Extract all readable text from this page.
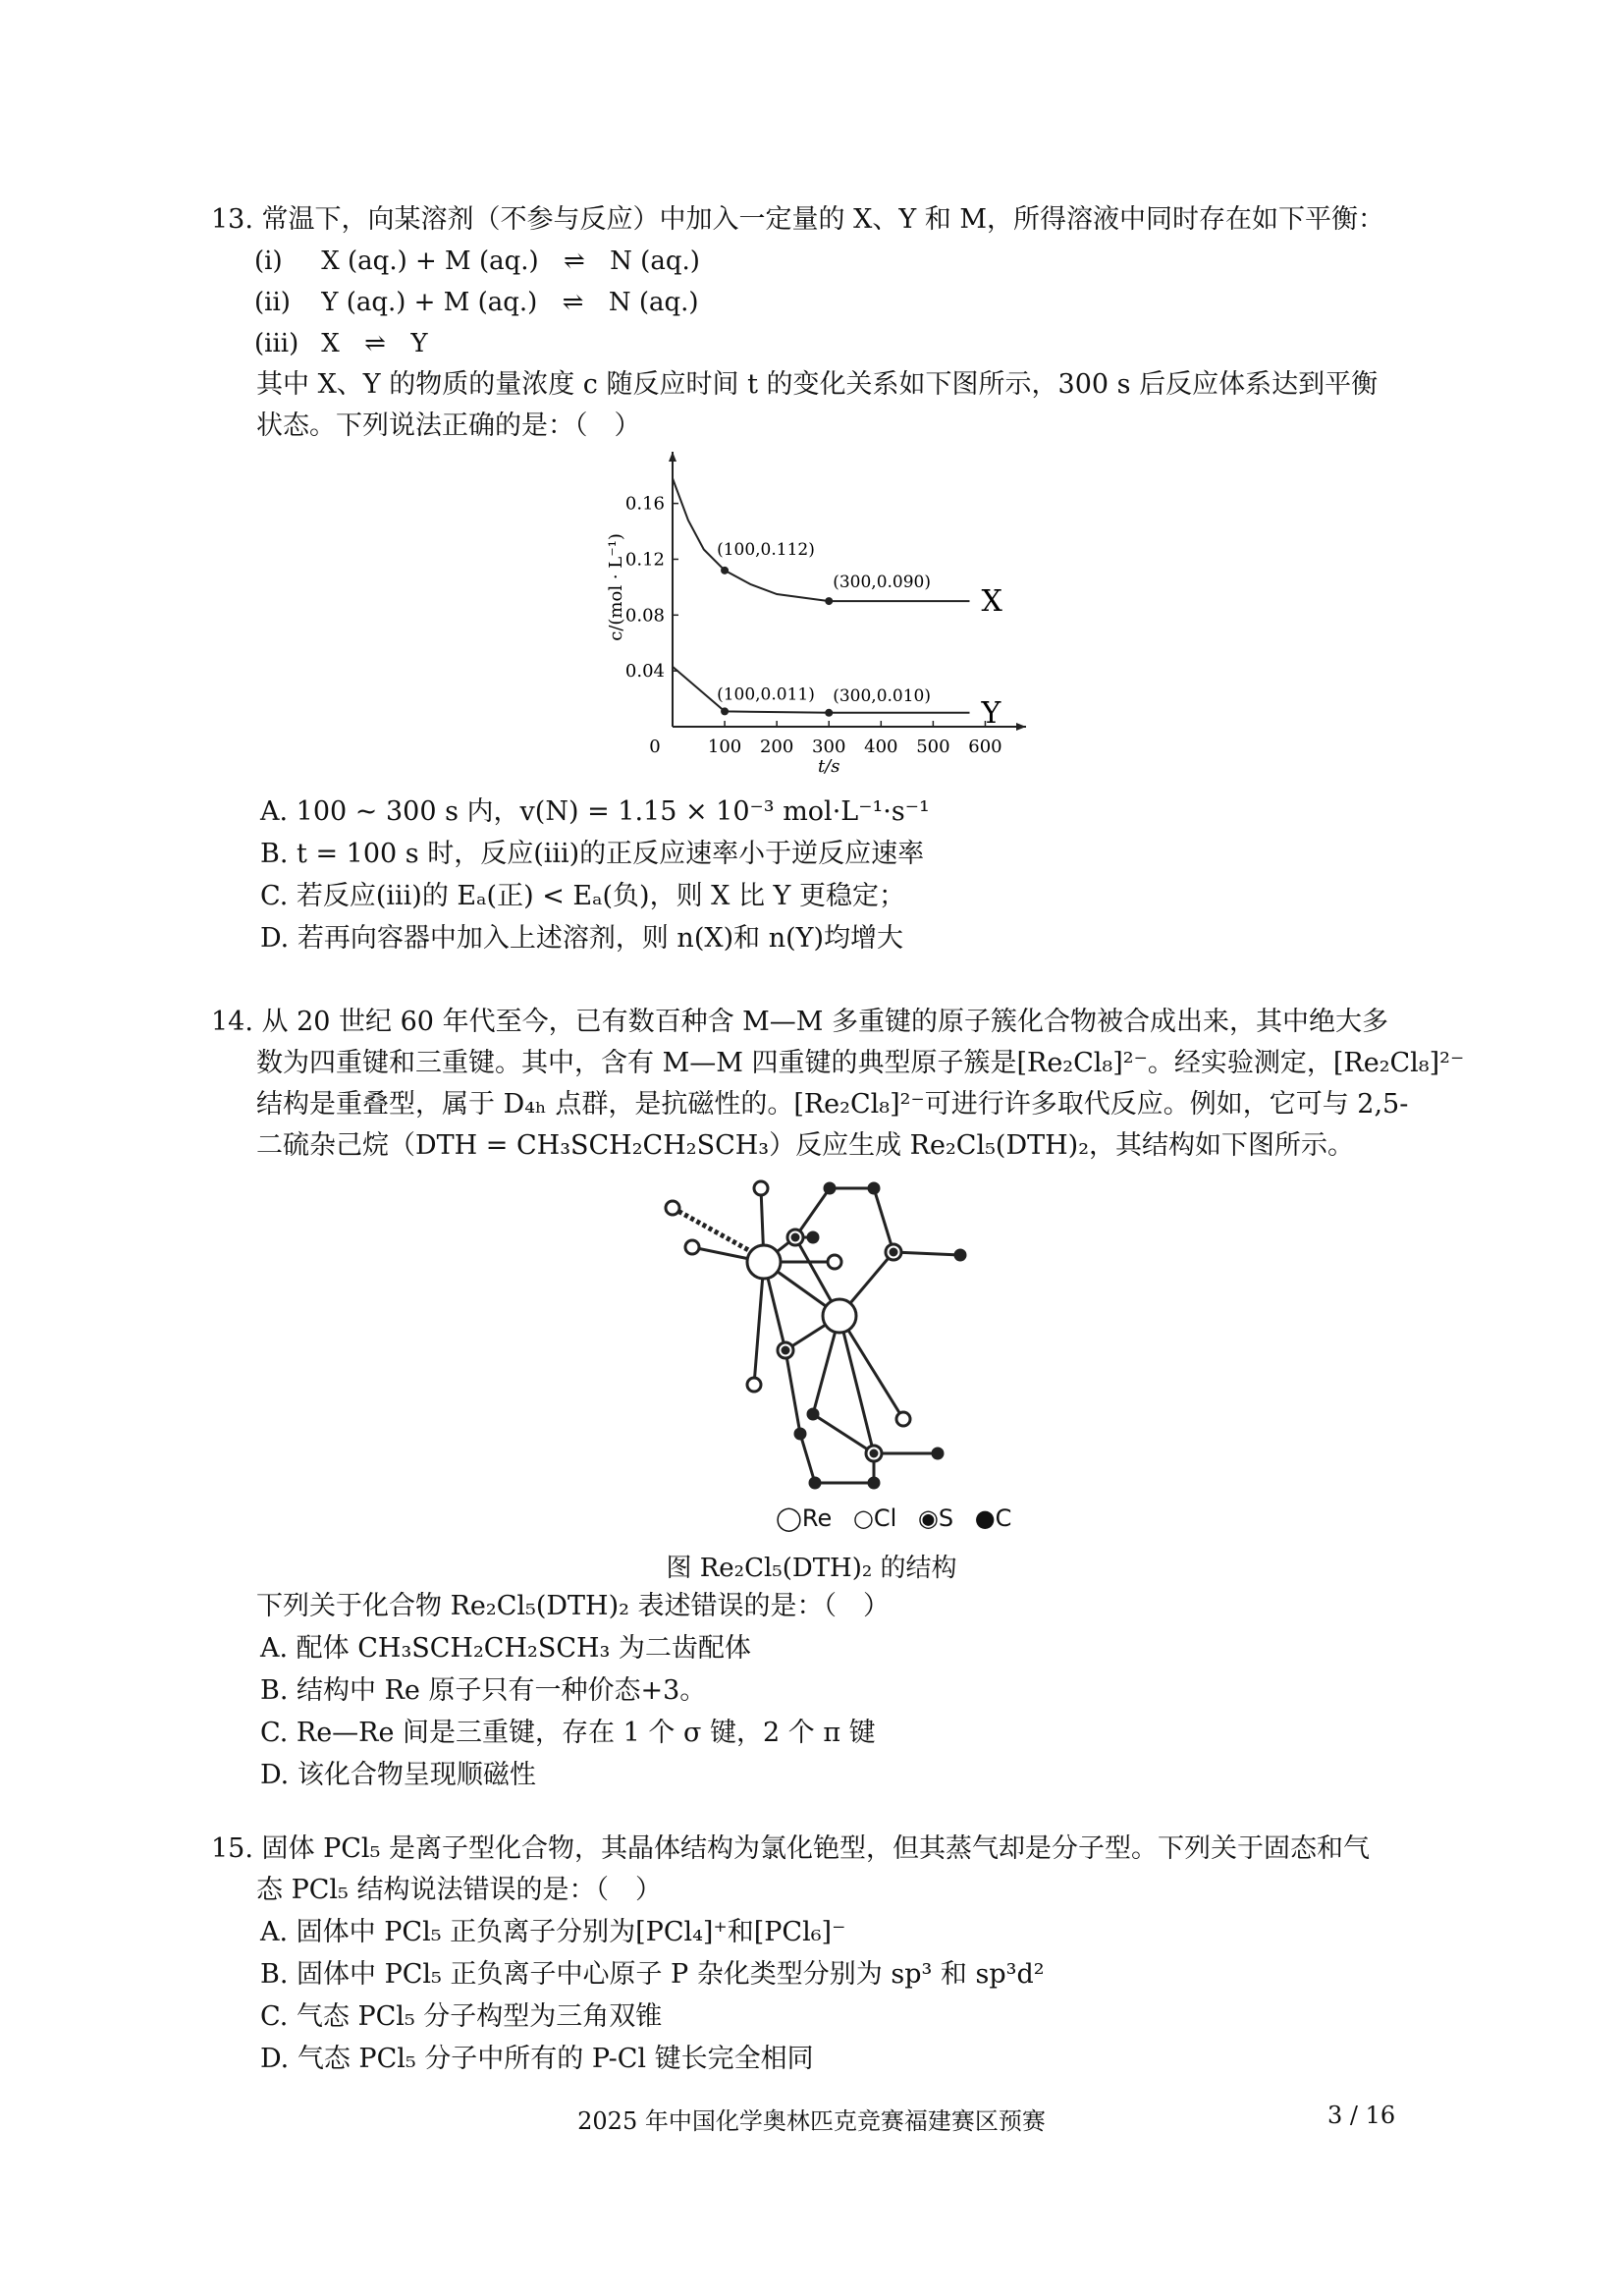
13. 常温下，向某溶剂（不参与反应）中加入一定量的 X、Y 和 M，所得溶液中同时存在如下平衡：
(i) X (aq.) + M (aq.) ⇌ N (aq.)
(ii) Y (aq.) + M (aq.) ⇌ N (aq.)
(iii) X ⇌ Y
其中 X、Y 的物质的量浓度 c 随反应时间 t 的变化关系如下图所示，300 s 后反应体系达到平衡
状态。下列说法正确的是：（　）
0	100 200 300 400 500 600
0.04
0.08
0.12
0.16
t/s
c/(mol · L⁻¹)	X
(100,0.112)
(300,0.090)
Y
(100,0.011) (300,0.010)
A. 100 ~ 300 s 内，v(N) = 1.15 × 10⁻³ mol·L⁻¹·s⁻¹
B. t = 100 s 时，反应(iii)的正反应速率小于逆反应速率
C. 若反应(iii)的 Eₐ(正) < Eₐ(负)，则 X 比 Y 更稳定；
D. 若再向容器中加入上述溶剂，则 n(X)和 n(Y)均增大
14. 从 20 世纪 60 年代至今，已有数百种含 M—M 多重键的原子簇化合物被合成出来，其中绝大多
数为四重键和三重键。其中，含有 M—M 四重键的典型原子簇是[Re₂Cl₈]²⁻。经实验测定，[Re₂Cl₈]²⁻
结构是重叠型，属于 D₄ₕ 点群，是抗磁性的。[Re₂Cl₈]²⁻可进行许多取代反应。例如，它可与 2,5-
二硫杂己烷（DTH = CH₃SCH₂CH₂SCH₃）反应生成 Re₂Cl₅(DTH)₂，其结构如下图所示。
◯Re ○Cl ◉S ●C
图 Re₂Cl₅(DTH)₂ 的结构
下列关于化合物 Re₂Cl₅(DTH)₂ 表述错误的是：（　）
A. 配体 CH₃SCH₂CH₂SCH₃ 为二齿配体
B. 结构中 Re 原子只有一种价态+3。
C. Re—Re 间是三重键，存在 1 个 σ 键，2 个 π 键
D. 该化合物呈现顺磁性
15. 固体 PCl₅ 是离子型化合物，其晶体结构为氯化铯型，但其蒸气却是分子型。下列关于固态和气
态 PCl₅ 结构说法错误的是：（　）
A. 固体中 PCl₅ 正负离子分别为[PCl₄]⁺和[PCl₆]⁻
B. 固体中 PCl₅ 正负离子中心原子 P 杂化类型分别为 sp³ 和 sp³d²
C. 气态 PCl₅ 分子构型为三角双锥
D. 气态 PCl₅ 分子中所有的 P-Cl 键长完全相同
2025 年中国化学奥林匹克竞赛福建赛区预赛	3 / 16
